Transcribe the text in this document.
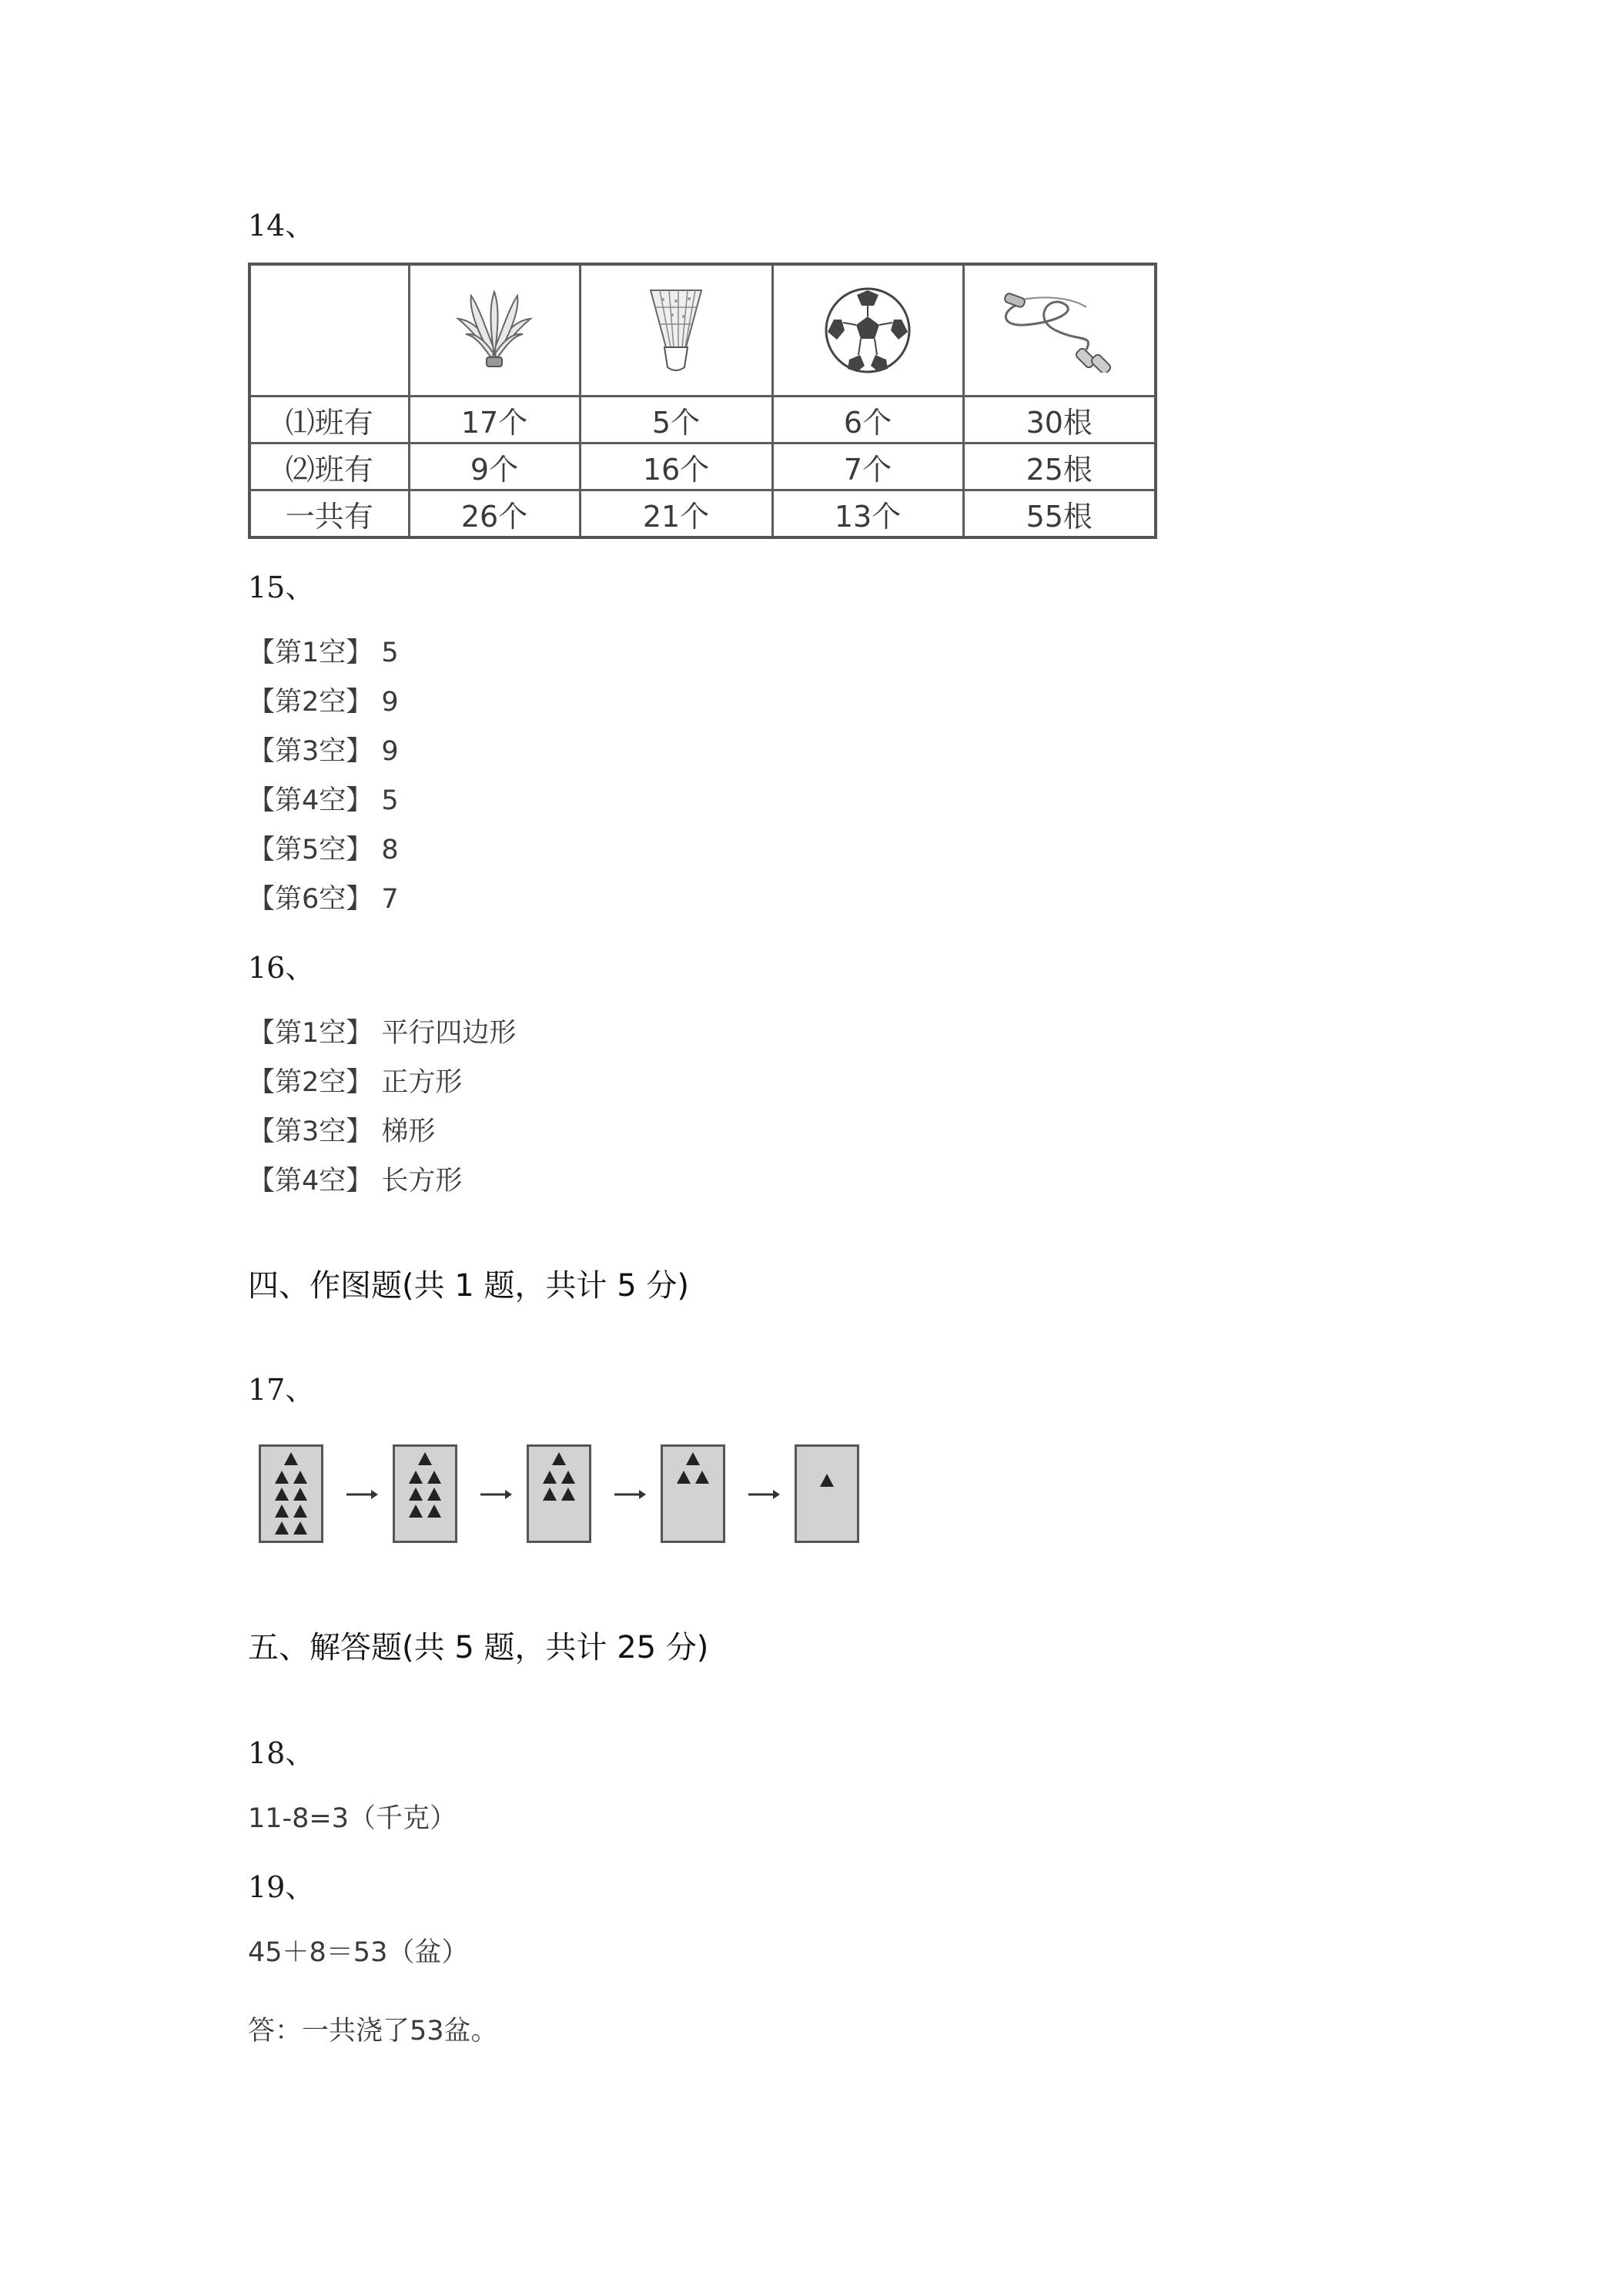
14、

⑴班有	17个	5个	6个	30根
⑵班有	9个	16个	7个	25根
一共有	26个	21个	13个	55根
15、
【第1空】 5
【第2空】 9
【第3空】 9
【第4空】 5
【第5空】 8
【第6空】 7
16、
【第1空】 平行四边形
【第2空】 正方形
【第3空】 梯形
【第4空】 长方形
四、作图题(共 1 题，共计 5 分)
17、
五、解答题(共 5 题，共计 25 分)
18、
11-8=3（千克）
19、
45＋8＝53（盆）
答：一共浇了53盆。
